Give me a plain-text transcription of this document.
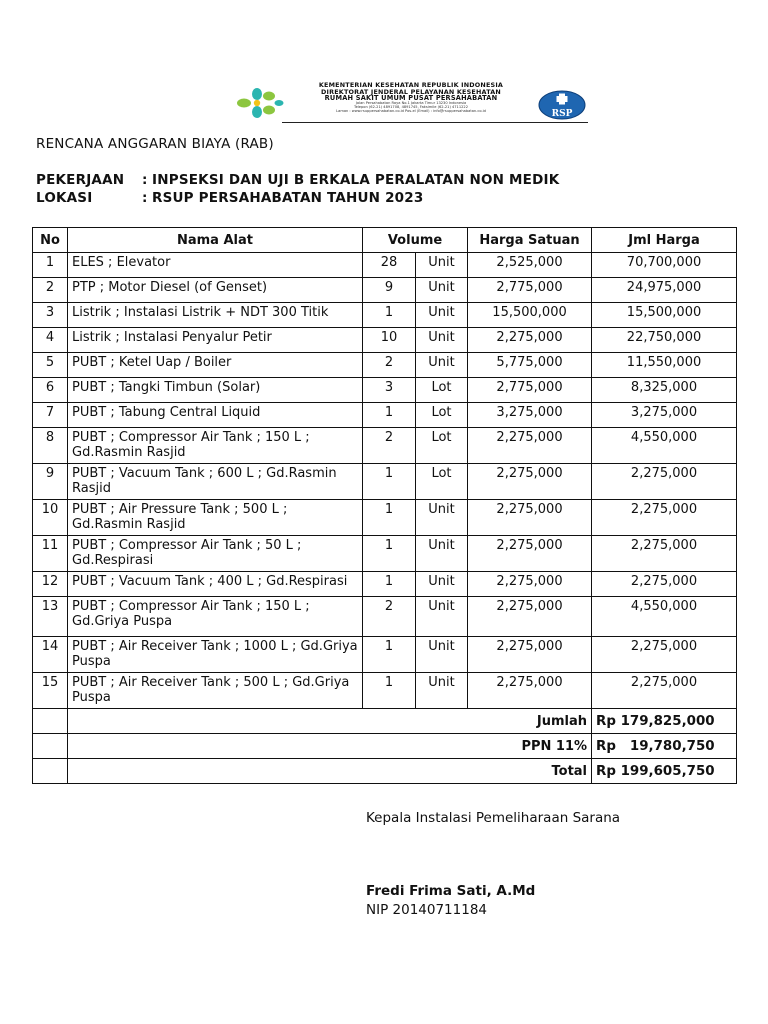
KEMENTERIAN KESEHATAN REPUBLIK INDONESIA
DIREKTORAT JENDERAL PELAYANAN KESEHATAN
RUMAH SAKIT UMUM PUSAT PERSAHABATAN
Jalan Persahabatan Raya No.1 Jakarta Timur 13230 Indonesia
Telepon (62-21) 4891708, 4891745, Faksimile (62-21) 4711222
Laman : www.rsuppersahabatan.co.id Pos-el (Email) : info@rsuppersahabatan.co.id	RSP
RENCANA ANGGARAN BIAYA (RAB)
PEKERJAAN : INPSEKSI DAN UJI B ERKALA PERALATAN NON MEDIK
LOKASI	: RSUP PERSAHABATAN TAHUN 2023
No	Nama Alat	Volume		Harga Satuan	Jml Harga
1	ELES ; Elevator	28	Unit	2,525,000	70,700,000
2	PTP ; Motor Diesel (of Genset)	9	Unit	2,775,000	24,975,000
3	Listrik ; Instalasi Listrik + NDT 300 Titik	1	Unit	15,500,000	15,500,000
4	Listrik ; Instalasi Penyalur Petir	10	Unit	2,275,000	22,750,000
5	PUBT ; Ketel Uap / Boiler	2	Unit	5,775,000	11,550,000
6	PUBT ; Tangki Timbun (Solar)	3	Lot	2,775,000	8,325,000
7	PUBT ; Tabung Central Liquid	1	Lot	3,275,000	3,275,000
8	PUBT ; Compressor Air Tank ; 150 L ; Gd.Rasmin Rasjid	2	Lot	2,275,000	4,550,000
9	PUBT ; Vacuum Tank ; 600 L ; Gd.Rasmin Rasjid	1	Lot	2,275,000	2,275,000
10	PUBT ; Air Pressure Tank ; 500 L ; Gd.Rasmin Rasjid	1	Unit	2,275,000	2,275,000
11	PUBT ; Compressor Air Tank ; 50 L ; Gd.Respirasi	1	Unit	2,275,000	2,275,000
12	PUBT ; Vacuum Tank ; 400 L ; Gd.Respirasi	1	Unit	2,275,000	2,275,000
13	PUBT ; Compressor Air Tank ; 150 L ; Gd.Griya Puspa	2	Unit	2,275,000	4,550,000
14	PUBT ; Air Receiver Tank ; 1000 L ; Gd.Griya Puspa	1	Unit	2,275,000	2,275,000
15	PUBT ; Air Receiver Tank ; 500 L ; Gd.Griya Puspa	1	Unit	2,275,000	2,275,000
	Jumlah				Rp 179,825,000
	PPN 11%				Rp   19,780,750
	Total				Rp 199,605,750
Kepala Instalasi Pemeliharaan Sarana
Fredi Frima Sati, A.Md
NIP 20140711184
